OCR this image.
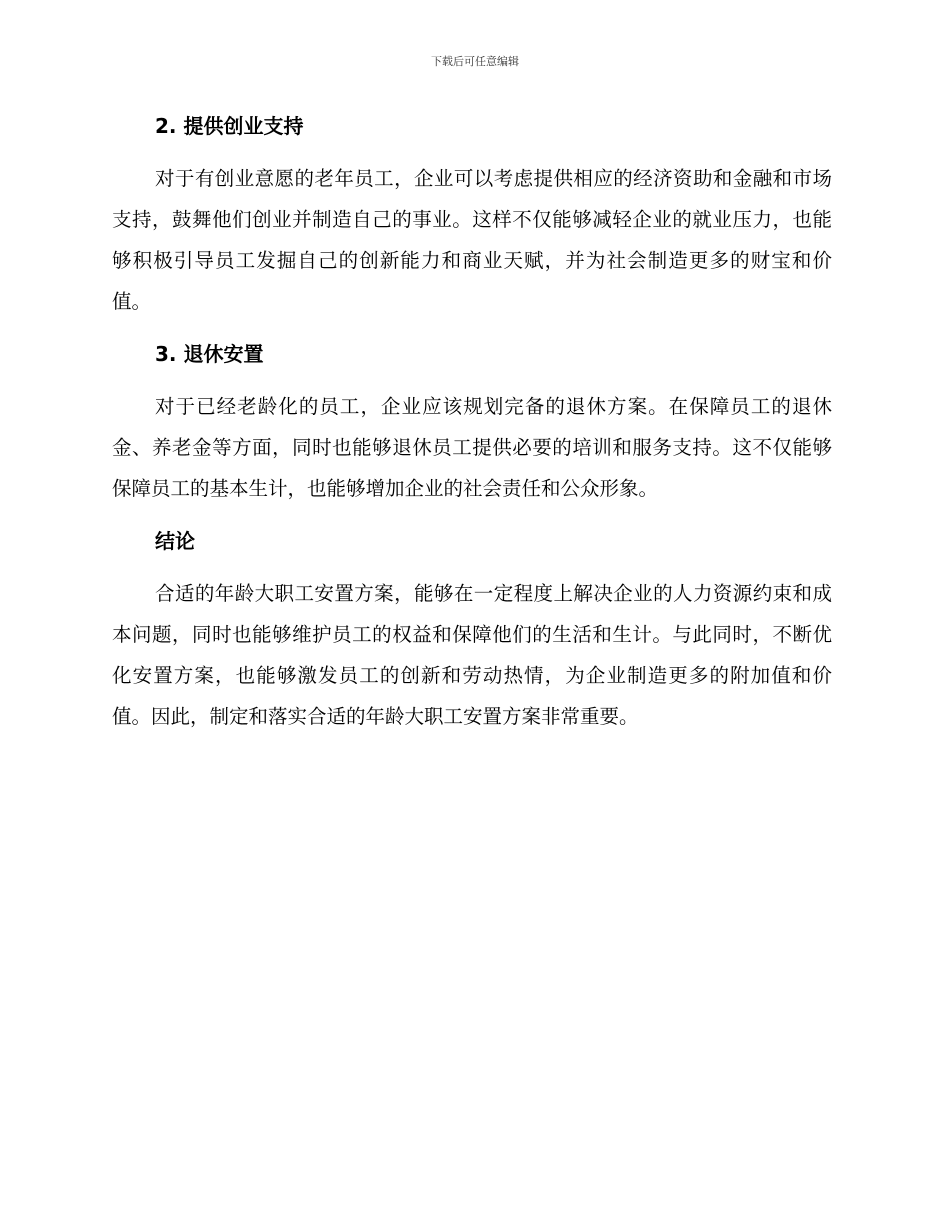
下载后可任意编辑
2. 提供创业支持

对于有创业意愿的老年员工，企业可以考虑提供相应的经济资助和金融和市场支持，鼓舞他们创业并制造自己的事业。这样不仅能够减轻企业的就业压力，也能够积极引导员工发掘自己的创新能力和商业天赋，并为社会制造更多的财宝和价值。

3. 退休安置

对于已经老龄化的员工，企业应该规划完备的退休方案。在保障员工的退休金、养老金等方面，同时也能够退休员工提供必要的培训和服务支持。这不仅能够保障员工的基本生计，也能够增加企业的社会责任和公众形象。

结论

合适的年龄大职工安置方案，能够在一定程度上解决企业的人力资源约束和成本问题，同时也能够维护员工的权益和保障他们的生活和生计。与此同时，不断优化安置方案，也能够激发员工的创新和劳动热情，为企业制造更多的附加值和价值。因此，制定和落实合适的年龄大职工安置方案非常重要。
